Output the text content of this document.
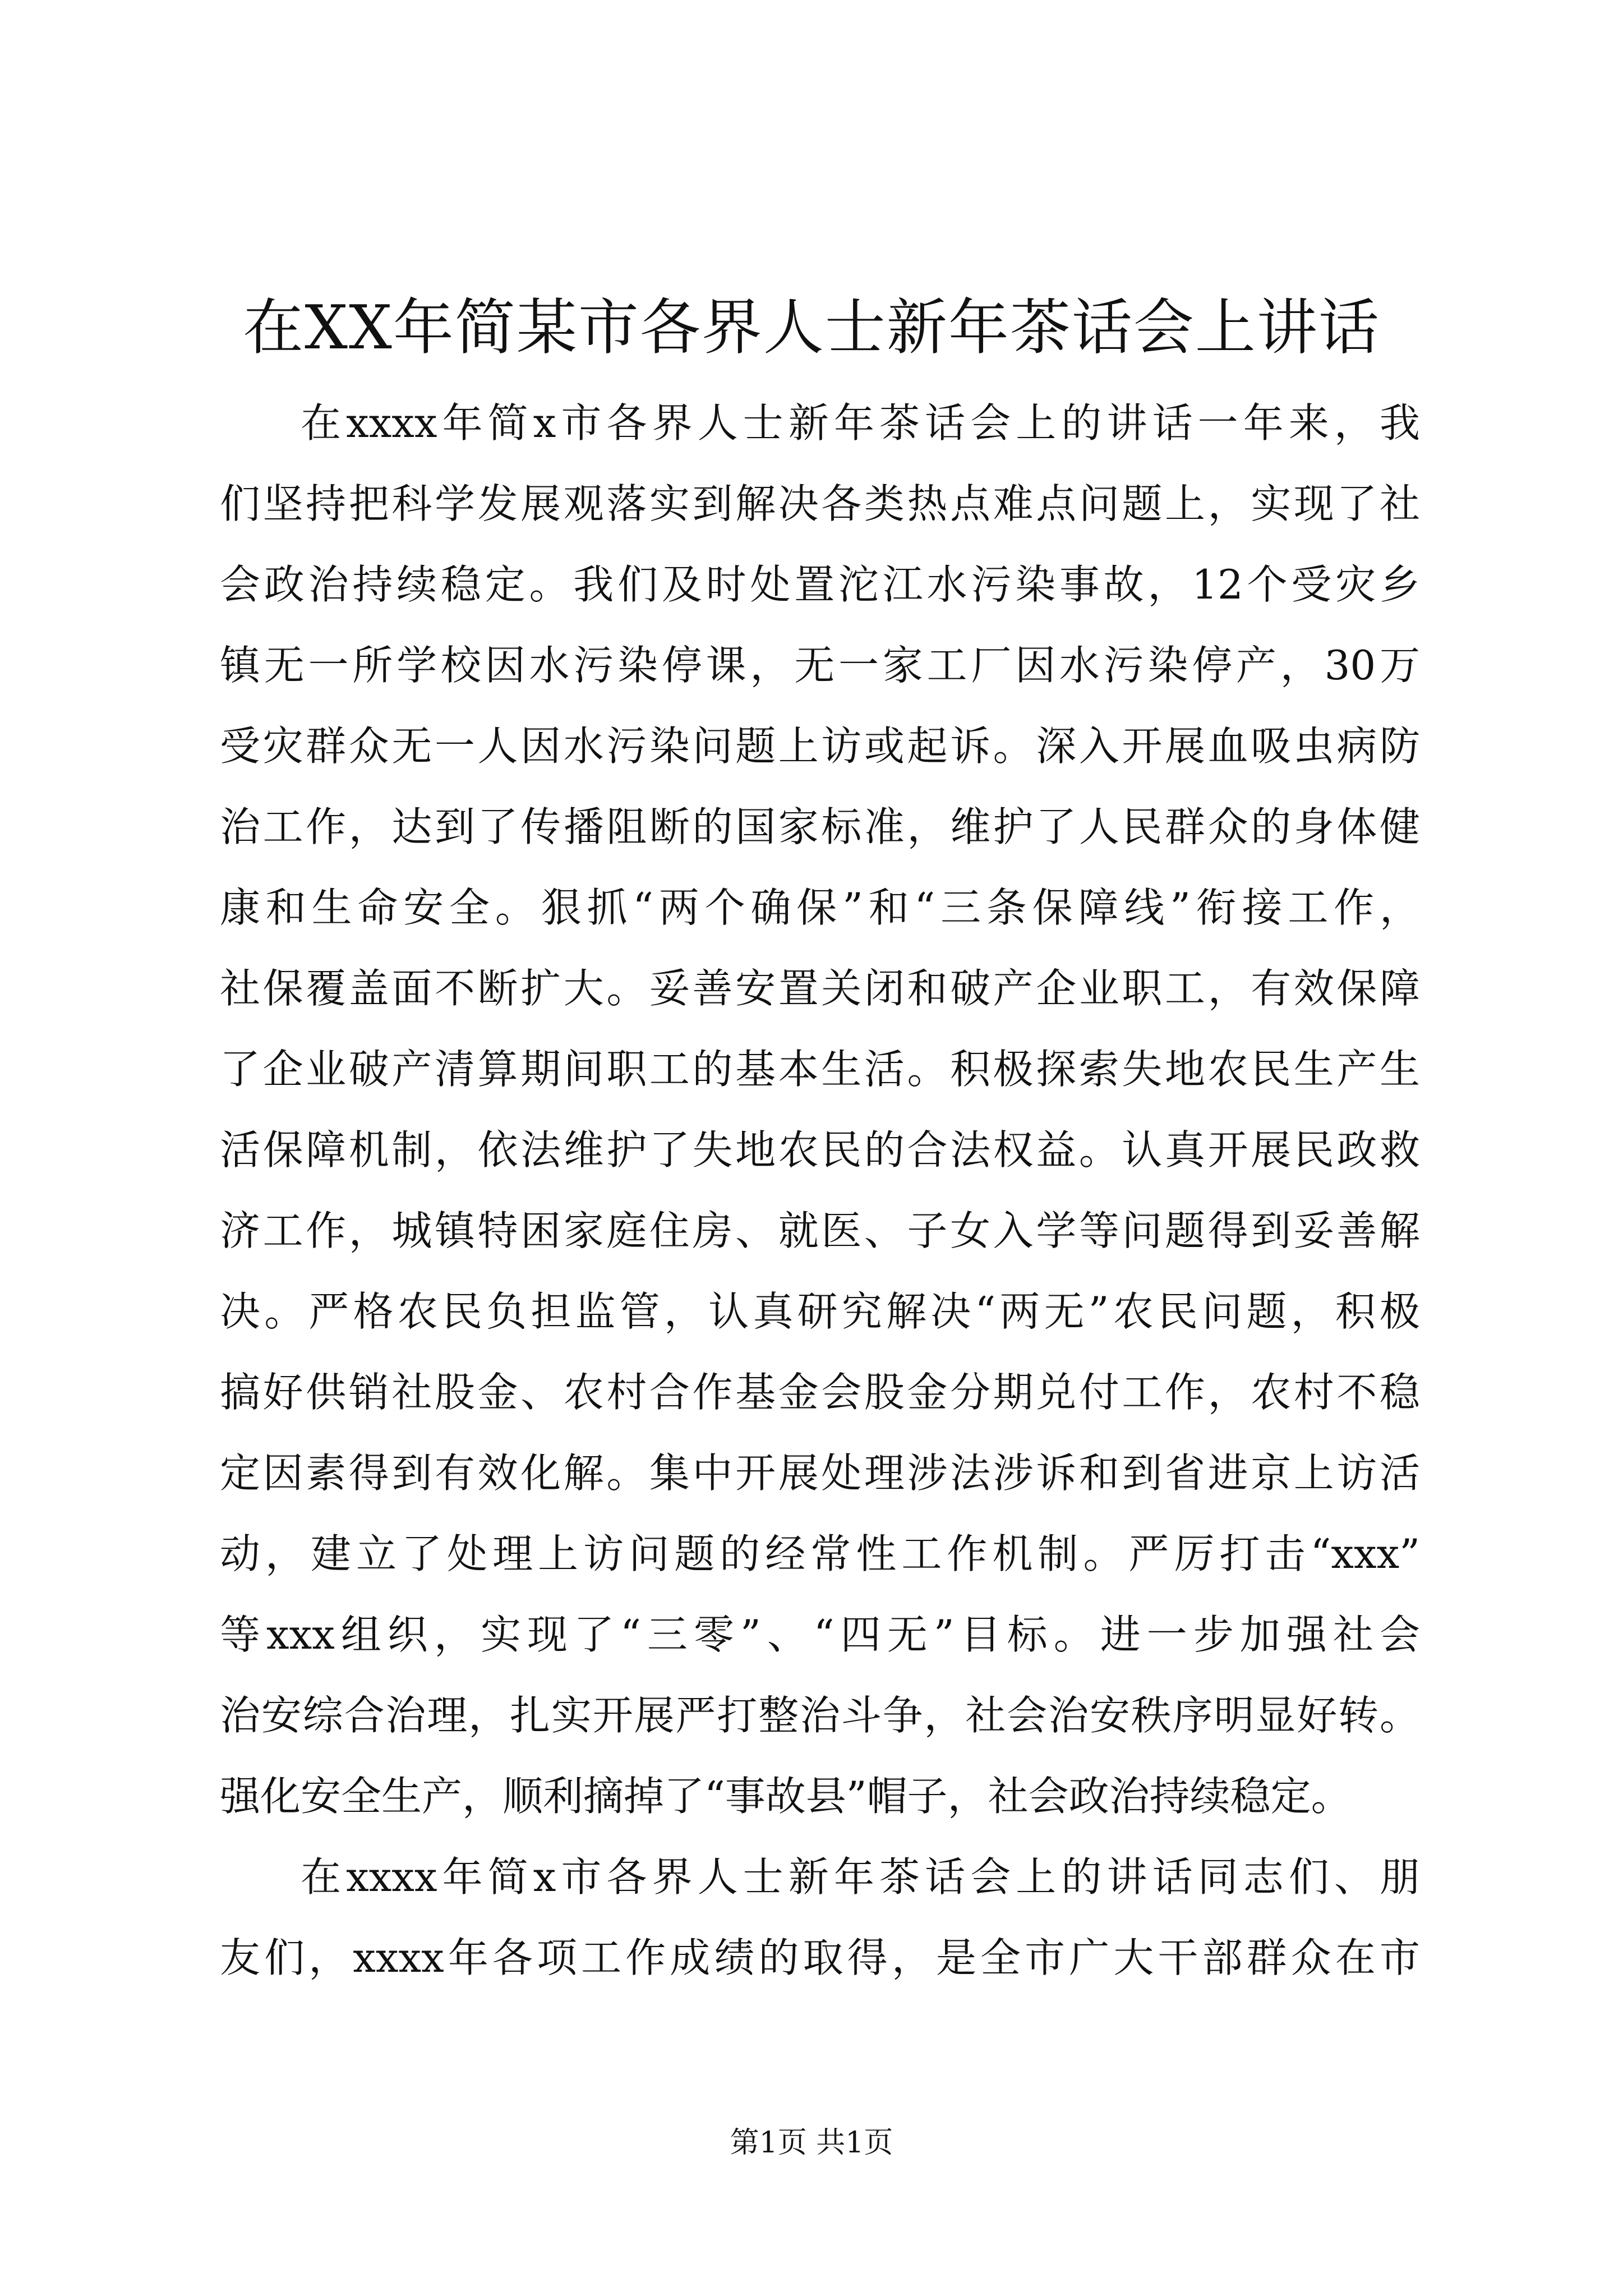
在XX年简某市各界人士新年茶话会上讲话
在xxxx年简x市各界人士新年茶话会上的讲话一年来，我
们坚持把科学发展观落实到解决各类热点难点问题上，实现了社
会政治持续稳定。我们及时处置沱江水污染事故，12个受灾乡
镇无一所学校因水污染停课，无一家工厂因水污染停产，30万
受灾群众无一人因水污染问题上访或起诉。深入开展血吸虫病防
治工作，达到了传播阻断的国家标准，维护了人民群众的身体健
康和生命安全。狠抓“两个确保”和“三条保障线”衔接工作，
社保覆盖面不断扩大。妥善安置关闭和破产企业职工，有效保障
了企业破产清算期间职工的基本生活。积极探索失地农民生产生
活保障机制，依法维护了失地农民的合法权益。认真开展民政救
济工作，城镇特困家庭住房、就医、子女入学等问题得到妥善解
决。严格农民负担监管，认真研究解决“两无”农民问题，积极
搞好供销社股金、农村合作基金会股金分期兑付工作，农村不稳
定因素得到有效化解。集中开展处理涉法涉诉和到省进京上访活
动，建立了处理上访问题的经常性工作机制。严厉打击“xxx”
等xxx组织，实现了“三零”、“四无”目标。进一步加强社会
治安综合治理，扎实开展严打整治斗争，社会治安秩序明显好转。
强化安全生产，顺利摘掉了“事故县”帽子，社会政治持续稳定。
在xxxx年简x市各界人士新年茶话会上的讲话同志们、朋
友们，xxxx年各项工作成绩的取得，是全市广大干部群众在市
第1页 共1页
